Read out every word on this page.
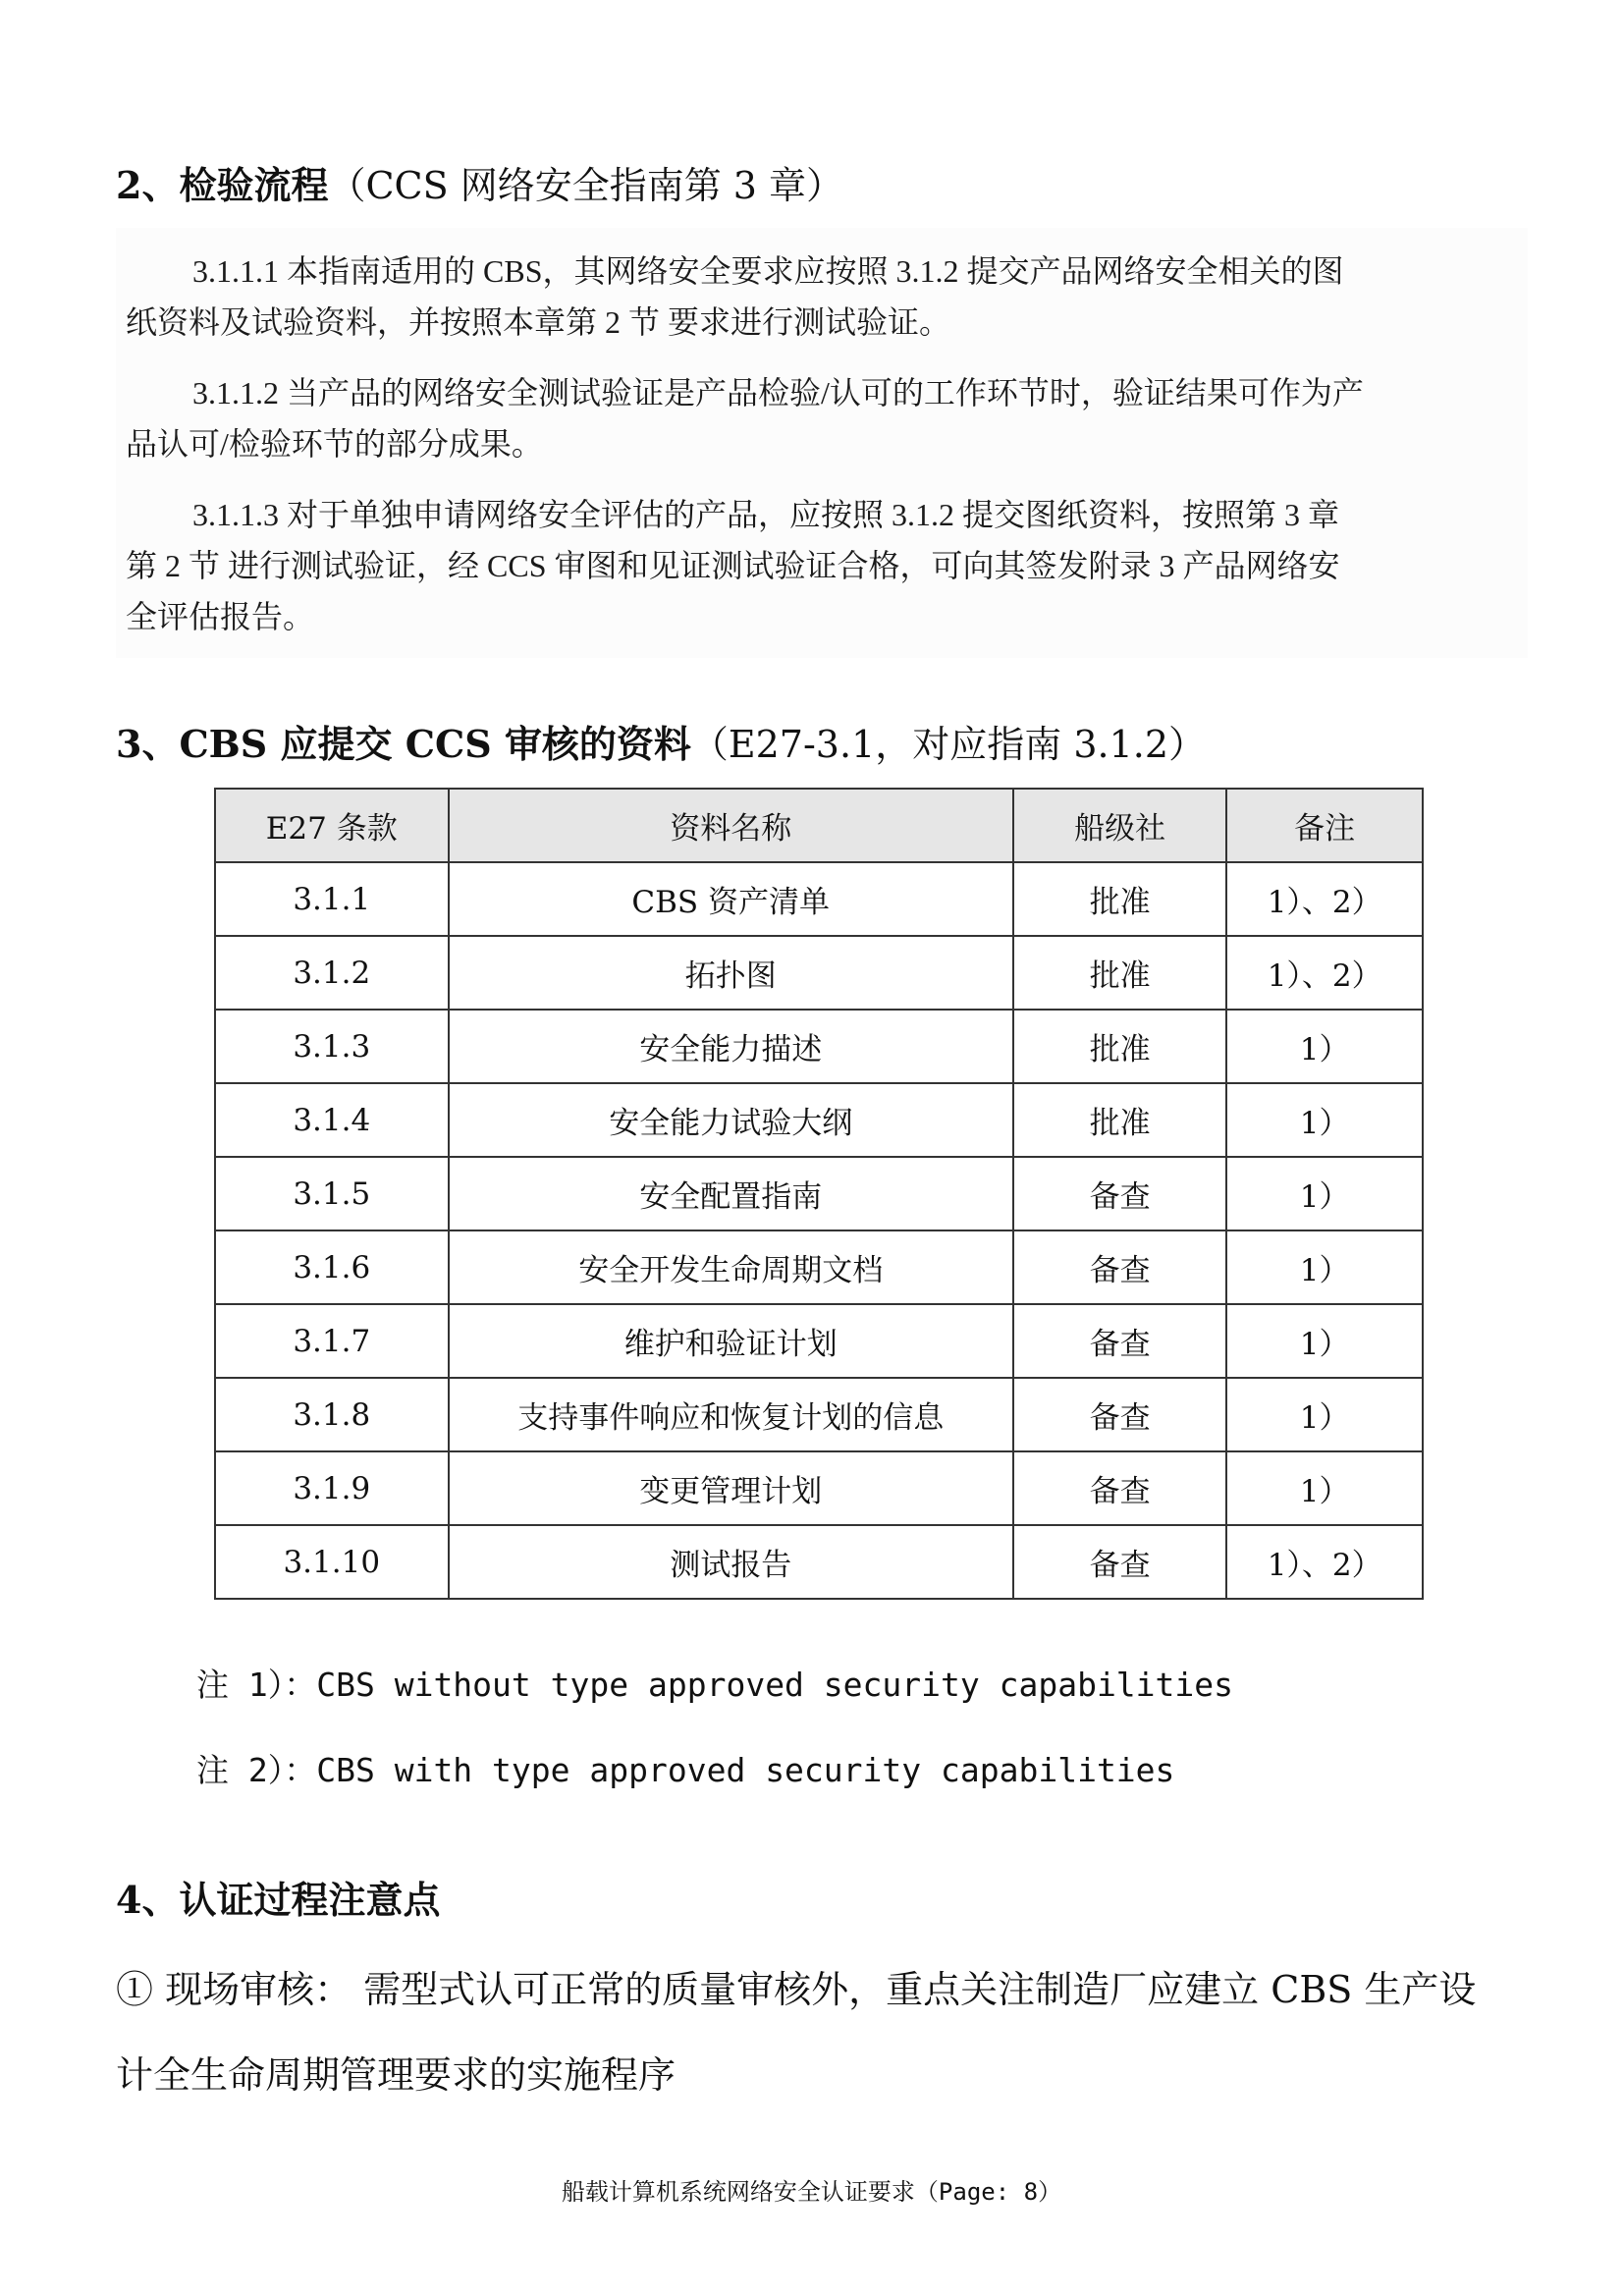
2、检验流程（CCS 网络安全指南第 3 章）

3.1.1.1 本指南适用的 CBS，其网络安全要求应按照 3.1.2 提交产品网络安全相关的图
纸资料及试验资料，并按照本章第 2 节 要求进行测试验证。

3.1.1.2 当产品的网络安全测试验证是产品检验/认可的工作环节时，验证结果可作为产
品认可/检验环节的部分成果。

3.1.1.3 对于单独申请网络安全评估的产品，应按照 3.1.2 提交图纸资料，按照第 3 章
第 2 节 进行测试验证，经 CCS 审图和见证测试验证合格，可向其签发附录 3 产品网络安
全评估报告。

3、CBS 应提交 CCS 审核的资料（E27-3.1，对应指南 3.1.2）
E27 条款	资料名称	船级社	备注
3.1.1	CBS 资产清单	批准	1）、2）
3.1.2	拓扑图	批准	1）、2）
3.1.3	安全能力描述	批准	1）
3.1.4	安全能力试验大纲	批准	1）
3.1.5	安全配置指南	备查	1）
3.1.6	安全开发生命周期文档	备查	1）
3.1.7	维护和验证计划	备查	1）
3.1.8	支持事件响应和恢复计划的信息	备查	1）
3.1.9	变更管理计划	备查	1）
3.1.10	测试报告	备查	1）、2）
注 1）：CBS without type approved security capabilities
注 2）：CBS with type approved security capabilities
4、认证过程注意点
① 现场审核： 需型式认可正常的质量审核外，重点关注制造厂应建立 CBS 生产设
计全生命周期管理要求的实施程序
船载计算机系统网络安全认证要求（Page: 8）
